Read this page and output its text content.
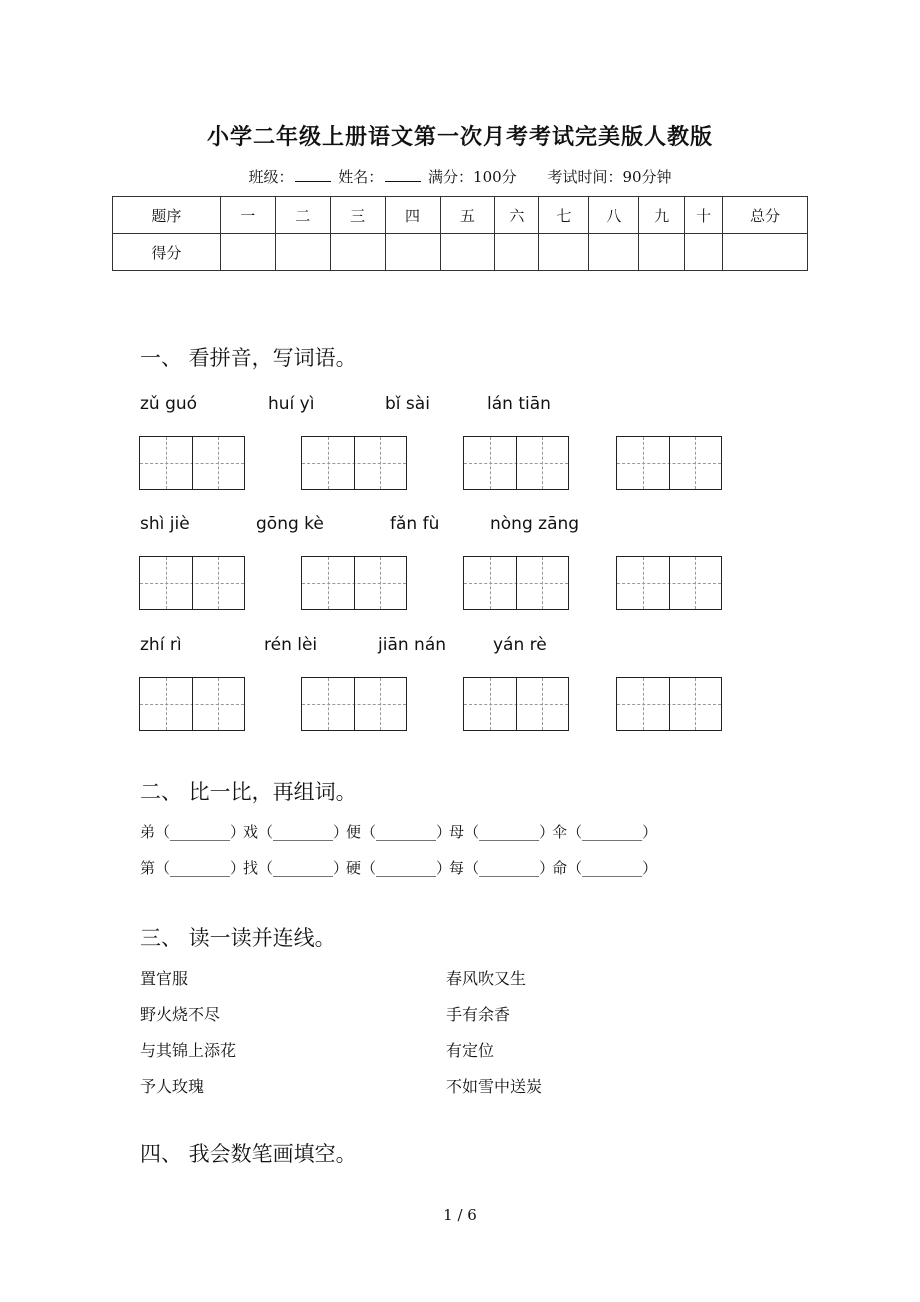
小学二年级上册语文第一次月考考试完美版人教版
班级：	姓名：	满分：100分 考试时间：90分钟
题序	一	二	三	四	五	六	七	八	九	十	总分
得分											
一、 看拼音，写词语。
zǔ guó	huí yì	bǐ sài	lán tiān
shì jiè	gōng kè	fǎn fù	nòng zāng
zhí rì	rén lèi	jiān nán	yán rè
二、 比一比，再组词。
弟（________）戏（________）便（________）母（________）伞（________）
第（________）找（________）硬（________）每（________）命（________）
三、 读一读并连线。
置官服
野火烧不尽
与其锦上添花
予人玫瑰
春风吹又生
手有余香
有定位
不如雪中送炭
四、 我会数笔画填空。
1 / 6
